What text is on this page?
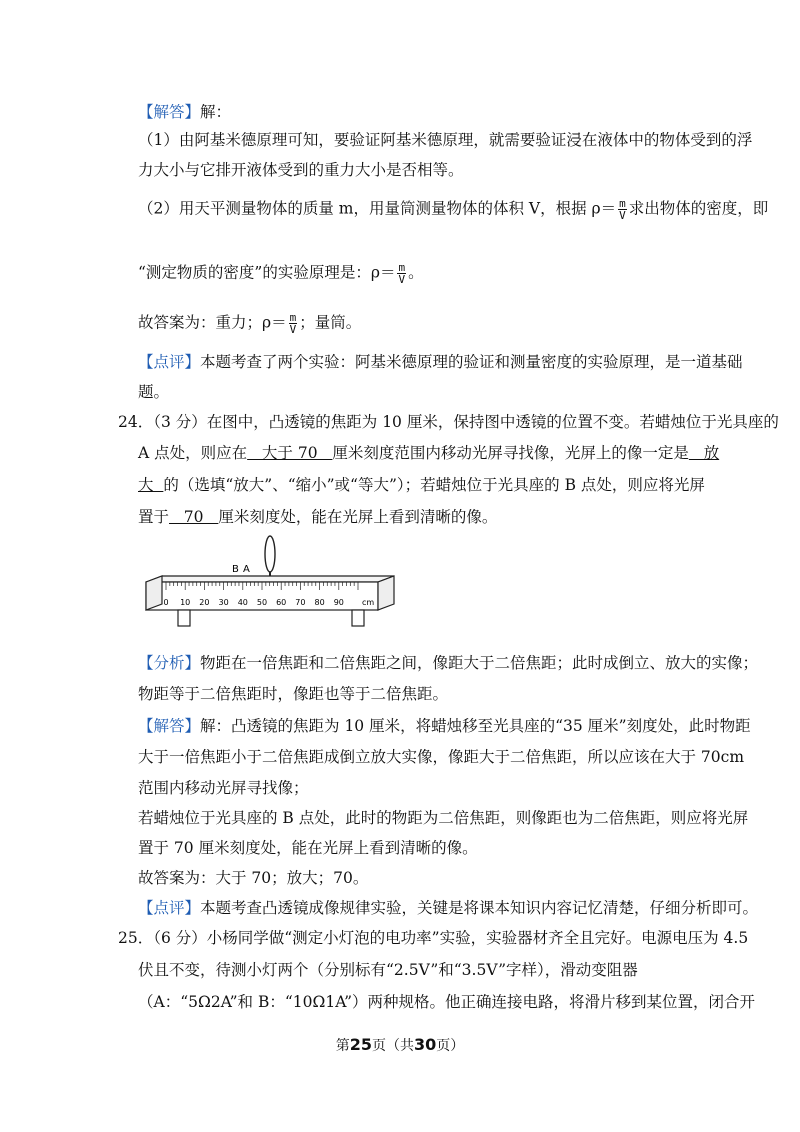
【解答】解：
（1）由阿基米德原理可知，要验证阿基米德原理，就需要验证浸在液体中的物体受到的浮
力大小与它排开液体受到的重力大小是否相等。
（2）用天平测量物体的质量 m，用量筒测量物体的体积 V，根据 $\rho= \frac{m}{V}$ 求出物体的密度，即
“测定物质的密度”的实验原理是：$\rho= \frac{m}{V}$ 。
故答案为：重力；$\rho= \frac{m}{V}$ ；量筒。
【点评】本题考查了两个实验：阿基米德原理的验证和测量密度的实验原理，是一道基础
题。
24．（3 分）在图中，凸透镜的焦距为 10 厘米，保持图中透镜的位置不变。若蜡烛位于光具座的
A 点处，则应在   大于 70   厘米刻度范围内移动光屏寻找像，光屏上的像一定是   放
大  的（选填“放大”、“缩小”或“等大”）；若蜡烛位于光具座的 B 点处，则应将光屏
置于   70   厘米刻度处，能在光屏上看到清晰的像。
B A
0 10 20 30 40 50 60 70 80 90 cm
【分析】物距在一倍焦距和二倍焦距之间，像距大于二倍焦距；此时成倒立、放大的实像；
物距等于二倍焦距时，像距也等于二倍焦距。
【解答】解：凸透镜的焦距为 10 厘米，将蜡烛移至光具座的“35 厘米”刻度处，此时物距
大于一倍焦距小于二倍焦距成倒立放大实像，像距大于二倍焦距，所以应该在大于 70cm
范围内移动光屏寻找像；
若蜡烛位于光具座的 B 点处，此时的物距为二倍焦距，则像距也为二倍焦距，则应将光屏
置于 70 厘米刻度处，能在光屏上看到清晰的像。
故答案为：大于 70；放大；70。
【点评】本题考查凸透镜成像规律实验，关键是将课本知识内容记忆清楚，仔细分析即可。
25．（6 分）小杨同学做“测定小灯泡的电功率”实验，实验器材齐全且完好。电源电压为 4.5
伏且不变，待测小灯两个（分别标有“2.5V”和“3.5V”字样），滑动变阻器
（A：“5Ω2A”和 B：“10Ω1A”）两种规格。他正确连接电路，将滑片移到某位置，闭合开
第25页（共30页）
